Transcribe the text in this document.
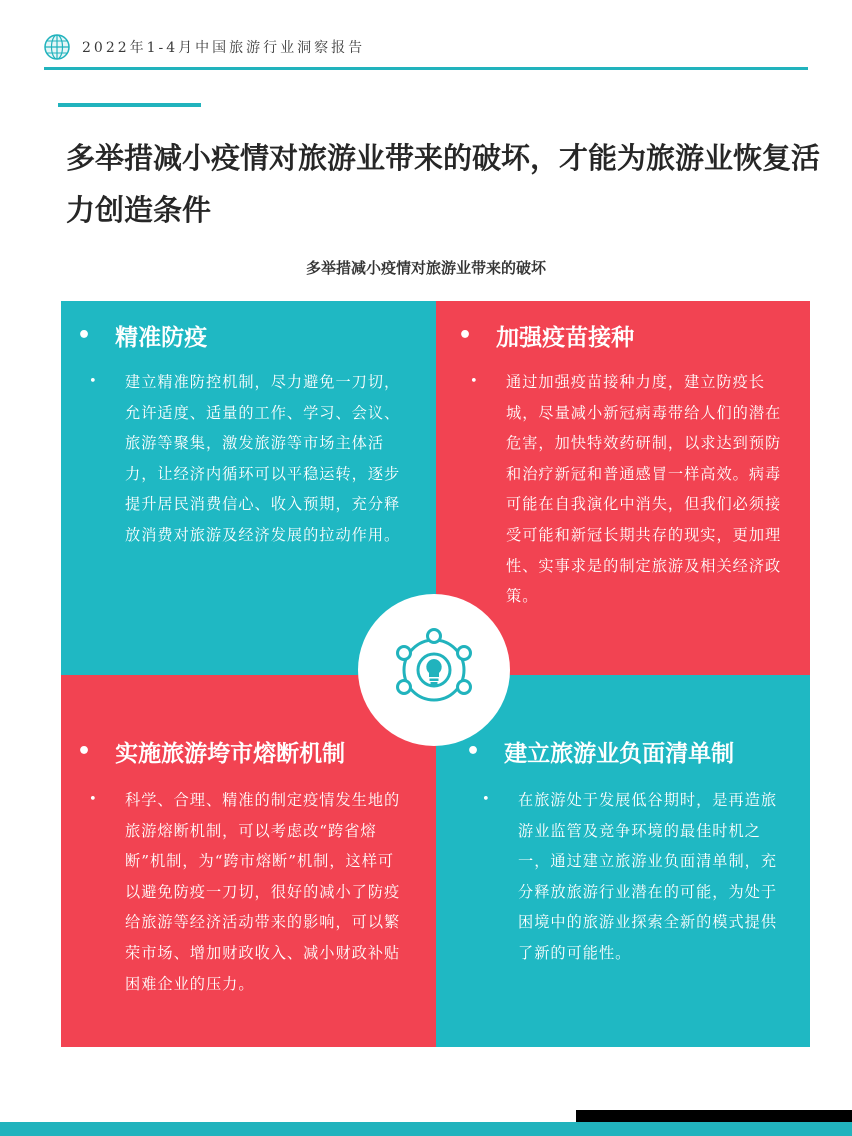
2022年1-4月中国旅游行业洞察报告
多举措减小疫情对旅游业带来的破坏，才能为旅游业恢复活力创造条件
多举措减小疫情对旅游业带来的破坏
• 精准防疫
• 建立精准防控机制，尽力避免一刀切，允许适度、适量的工作、学习、会议、旅游等聚集，激发旅游等市场主体活力，让经济内循环可以平稳运转，逐步提升居民消费信心、收入预期，充分释放消费对旅游及经济发展的拉动作用。
• 加强疫苗接种
• 通过加强疫苗接种力度，建立防疫长城，尽量减小新冠病毒带给人们的潜在危害，加快特效药研制，以求达到预防和治疗新冠和普通感冒一样高效。病毒可能在自我演化中消失，但我们必须接受可能和新冠长期共存的现实，更加理性、实事求是的制定旅游及相关经济政策。
• 实施旅游垮市熔断机制
• 科学、合理、精准的制定疫情发生地的旅游熔断机制，可以考虑改“跨省熔断”机制，为“跨市熔断”机制，这样可以避免防疫一刀切，很好的减小了防疫给旅游等经济活动带来的影响，可以繁荣市场、增加财政收入、减小财政补贴困难企业的压力。
• 建立旅游业负面清单制
• 在旅游处于发展低谷期时，是再造旅游业监管及竞争环境的最佳时机之一，通过建立旅游业负面清单制，充分释放旅游行业潜在的可能，为处于困境中的旅游业探索全新的模式提供了新的可能性。
